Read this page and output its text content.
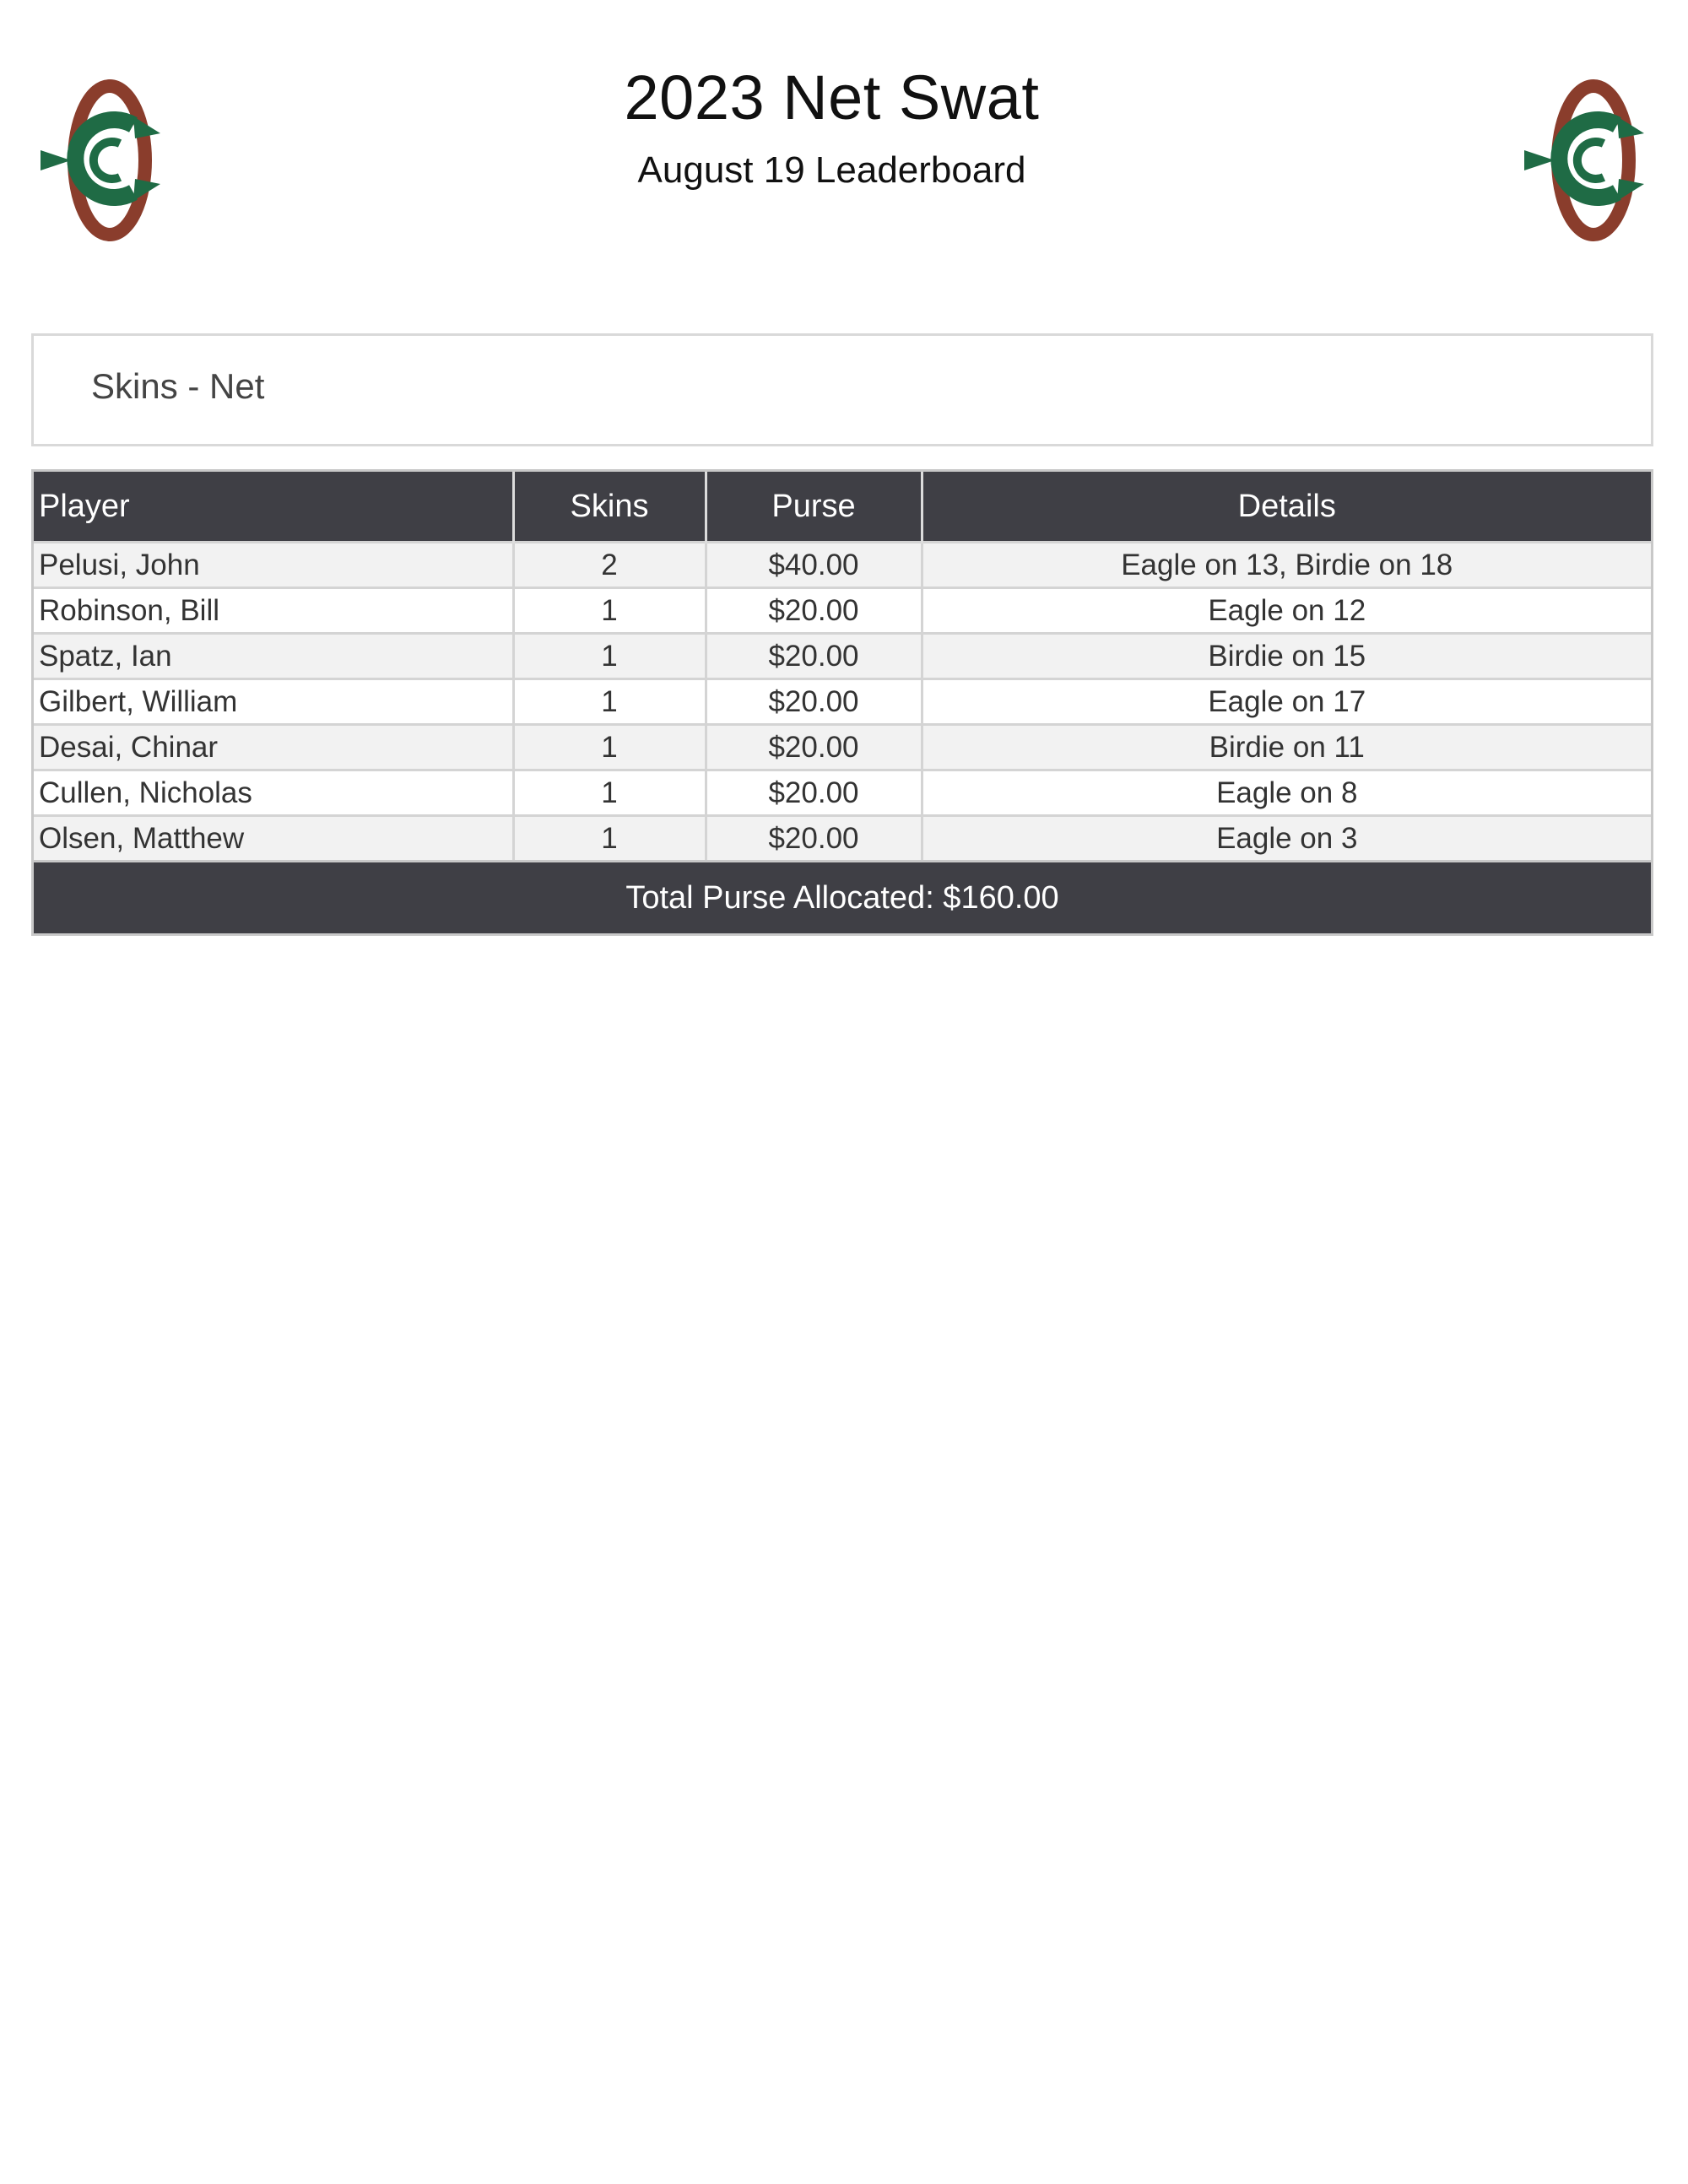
2023 Net Swat
August 19 Leaderboard
Skins - Net
Player	Skins	Purse	Details
Pelusi, John	2	$40.00	Eagle on 13, Birdie on 18
Robinson, Bill	1	$20.00	Eagle on 12
Spatz, Ian	1	$20.00	Birdie on 15
Gilbert, William	1	$20.00	Eagle on 17
Desai, Chinar	1	$20.00	Birdie on 11
Cullen, Nicholas	1	$20.00	Eagle on 8
Olsen, Matthew	1	$20.00	Eagle on 3
Total Purse Allocated: $160.00
